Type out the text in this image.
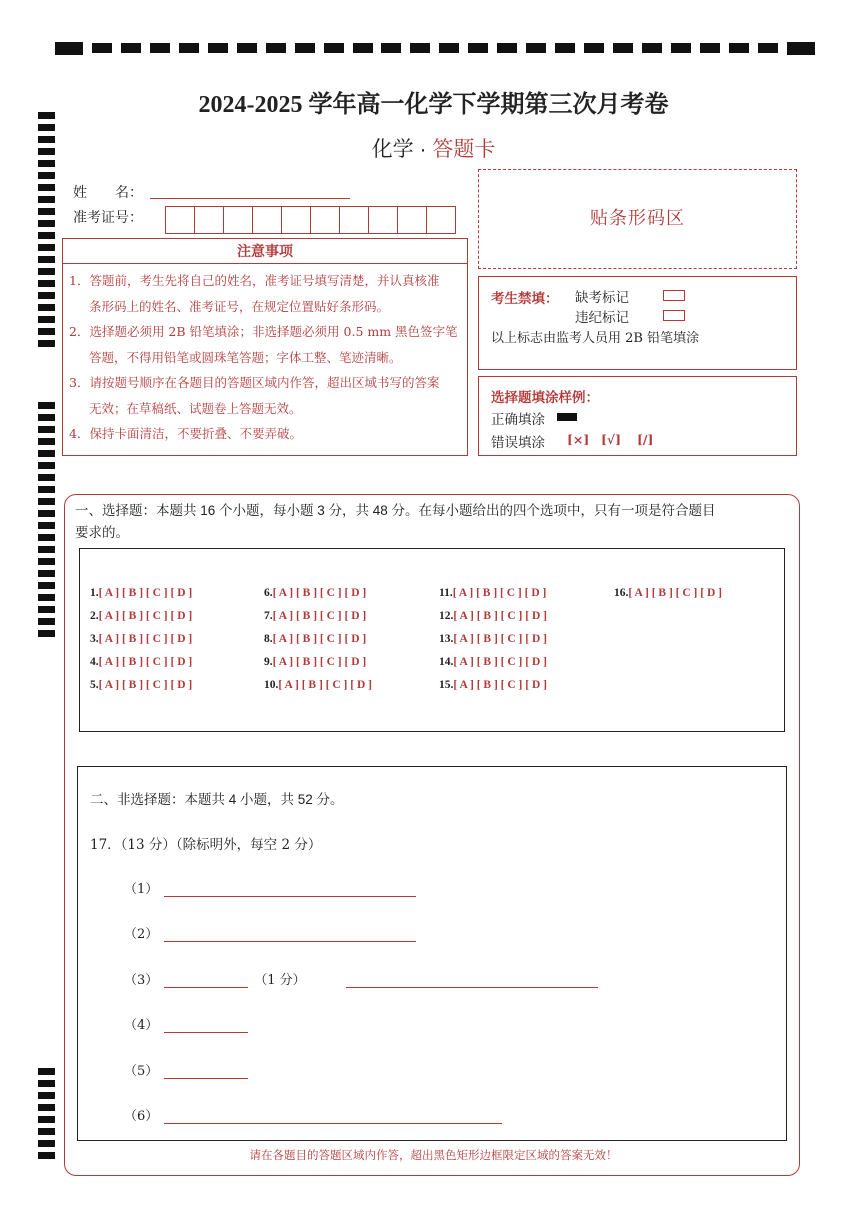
2024-2025 学年高一化学下学期第三次月考卷
化学 · 答题卡
姓　　名：
准考证号：	贴条形码区
注意事项

1．答题前，考生先将自己的姓名，准考证号填写清楚，并认真核准

条形码上的姓名、准考证号，在规定位置贴好条形码。

2．选择题必须用 2B 铅笔填涂；非选择题必须用 0.5 mm 黑色签字笔

答题，不得用铅笔或圆珠笔答题；字体工整、笔迹清晰。

3．请按题号顺序在各题目的答题区域内作答，超出区域书写的答案

无效；在草稿纸、试题卷上答题无效。

4．保持卡面清洁，不要折叠、不要弄破。

考生禁填： 缺考标记
违纪标记
以上标志由监考人员用 2B 铅笔填涂
选择题填涂样例：
正确填涂
错误填涂 [×] [√] [/]
一、选择题：本题共 16 个小题，每小题 3 分，共 48 分。在每小题给出的四个选项中，只有一项是符合题目
要求的。
1.[ A ] [ B ] [ C ] [ D ]
2.[ A ] [ B ] [ C ] [ D ]
3.[ A ] [ B ] [ C ] [ D ]
4.[ A ] [ B ] [ C ] [ D ]
5.[ A ] [ B ] [ C ] [ D ]
6.[ A ] [ B ] [ C ] [ D ]
7.[ A ] [ B ] [ C ] [ D ]
8.[ A ] [ B ] [ C ] [ D ]
9.[ A ] [ B ] [ C ] [ D ]
10.[ A ] [ B ] [ C ] [ D ]
11.[ A ] [ B ] [ C ] [ D ]
12.[ A ] [ B ] [ C ] [ D ]
13.[ A ] [ B ] [ C ] [ D ]
14.[ A ] [ B ] [ C ] [ D ]
15.[ A ] [ B ] [ C ] [ D ]
16.[ A ] [ B ] [ C ] [ D ]
二、非选择题：本题共 4 小题，共 52 分。
17．（13 分）（除标明外，每空 2 分）
（1）
（2）
（3）	（1 分）
（4）
（5）
（6）
请在各题目的答题区域内作答，超出黑色矩形边框限定区域的答案无效！
